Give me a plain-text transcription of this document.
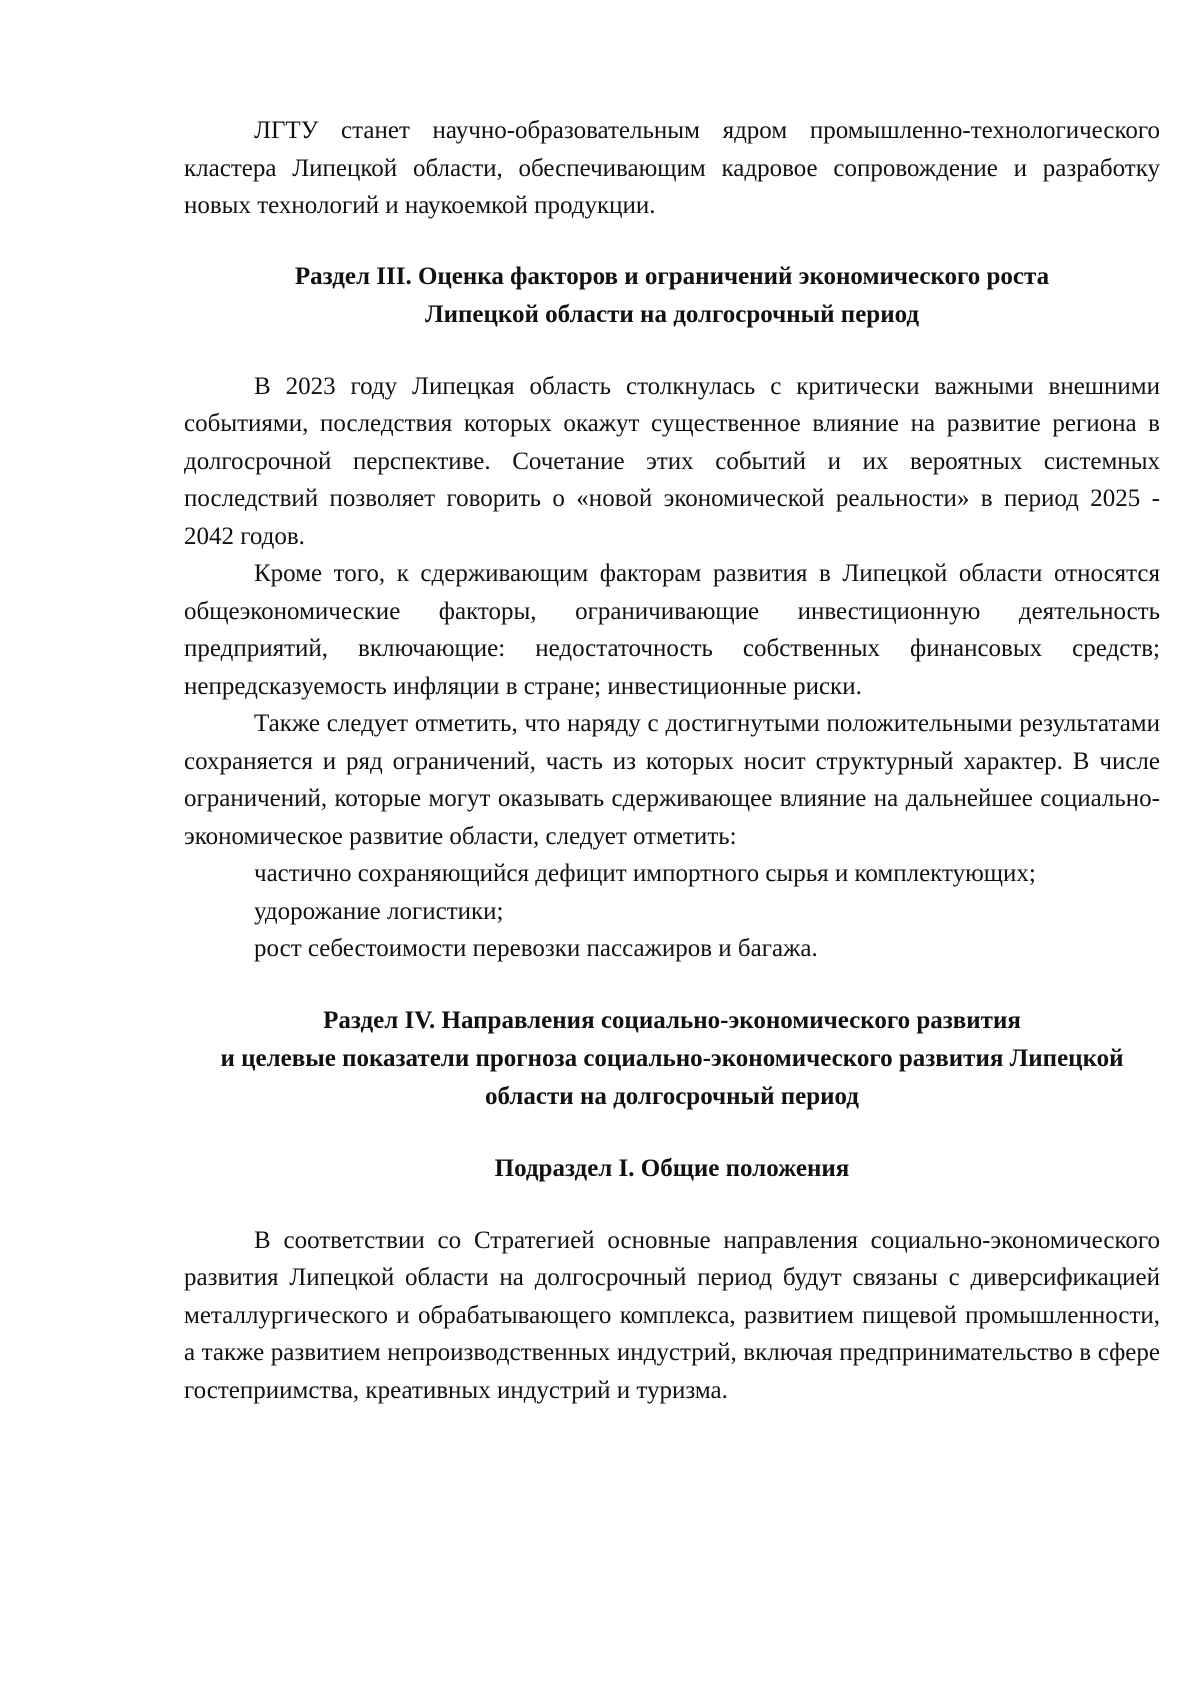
ЛГТУ станет научно-образовательным ядром промышленно-технологического кластера Липецкой области, обеспечивающим кадровое сопровождение и разработку новых технологий и наукоемкой продукции.

Раздел III. Оценка факторов и ограничений экономического роста
Липецкой области на долгосрочный период

В 2023 году Липецкая область столкнулась с критически важными внешними событиями, последствия которых окажут существенное влияние на развитие региона в долгосрочной перспективе. Сочетание этих событий и их вероятных системных последствий позволяет говорить о «новой экономической реальности» в период 2025 - 2042 годов.

Кроме того, к сдерживающим факторам развития в Липецкой области относятся общеэкономические факторы, ограничивающие инвестиционную деятельность предприятий, включающие: недостаточность собственных финансовых средств; непредсказуемость инфляции в стране; инвестиционные риски.

Также следует отметить, что наряду с достигнутыми положительными результатами сохраняется и ряд ограничений, часть из которых носит структурный характер. В числе ограничений, которые могут оказывать сдерживающее влияние на дальнейшее социально-экономическое развитие области, следует отметить:

частично сохраняющийся дефицит импортного сырья и комплектующих;

удорожание логистики;

рост себестоимости перевозки пассажиров и багажа.

Раздел IV. Направления социально-экономического развития
и целевые показатели прогноза социально-экономического развития Липецкой
области на долгосрочный период
Подраздел I. Общие положения

В соответствии со Стратегией основные направления социально-экономического развития Липецкой области на долгосрочный период будут связаны с диверсификацией металлургического и обрабатывающего комплекса, развитием пищевой промышленности, а также развитием непроизводственных индустрий, включая предпринимательство в сфере гостеприимства, креативных индустрий и туризма.
